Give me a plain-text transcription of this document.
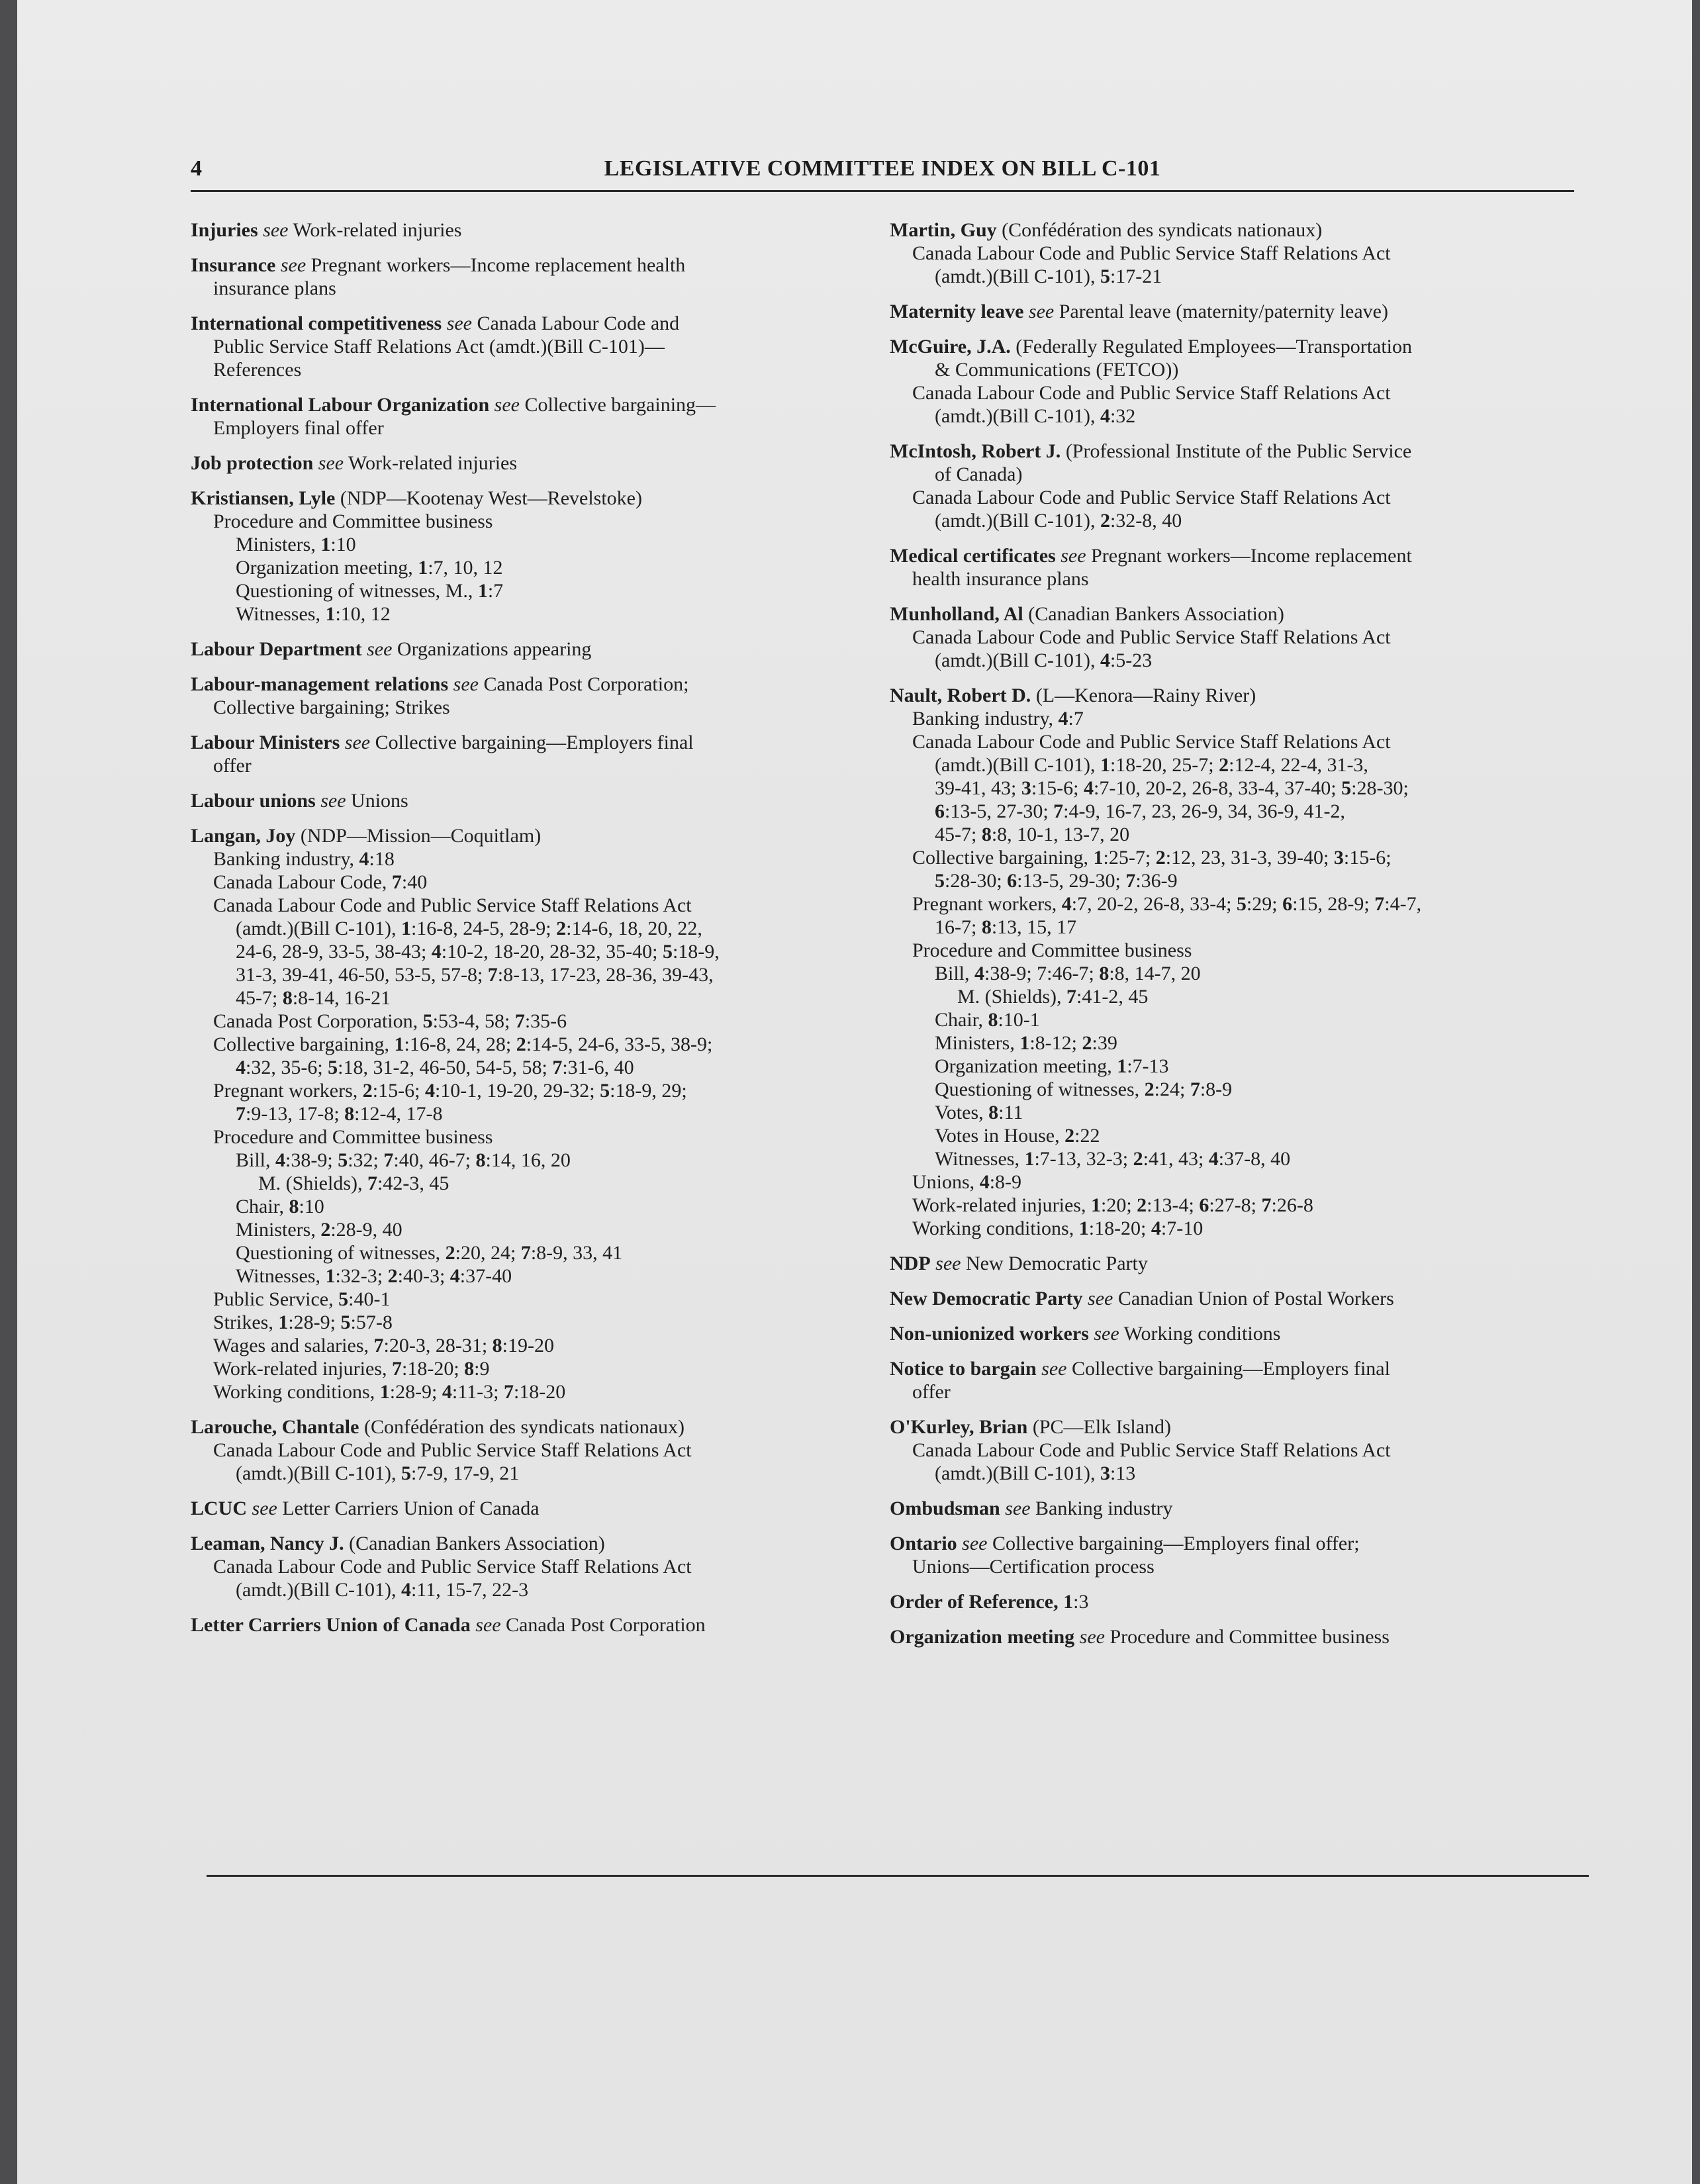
4	LEGISLATIVE COMMITTEE INDEX ON BILL C-101
Injuries see Work-related injuries
Insurance see Pregnant workers—Income replacement health
insurance plans
International competitiveness see Canada Labour Code and
Public Service Staff Relations Act (amdt.)(Bill C-101)—
References
International Labour Organization see Collective bargaining—
Employers final offer
Job protection see Work-related injuries
Kristiansen, Lyle (NDP—Kootenay West—Revelstoke)
Procedure and Committee business
Ministers, 1:10
Organization meeting, 1:7, 10, 12
Questioning of witnesses, M., 1:7
Witnesses, 1:10, 12
Labour Department see Organizations appearing
Labour-management relations see Canada Post Corporation;
Collective bargaining; Strikes
Labour Ministers see Collective bargaining—Employers final
offer
Labour unions see Unions
Langan, Joy (NDP—Mission—Coquitlam)
Banking industry, 4:18
Canada Labour Code, 7:40
Canada Labour Code and Public Service Staff Relations Act
(amdt.)(Bill C-101), 1:16-8, 24-5, 28-9; 2:14-6, 18, 20, 22,
24-6, 28-9, 33-5, 38-43; 4:10-2, 18-20, 28-32, 35-40; 5:18-9,
31-3, 39-41, 46-50, 53-5, 57-8; 7:8-13, 17-23, 28-36, 39-43,
45-7; 8:8-14, 16-21
Canada Post Corporation, 5:53-4, 58; 7:35-6
Collective bargaining, 1:16-8, 24, 28; 2:14-5, 24-6, 33-5, 38-9;
4:32, 35-6; 5:18, 31-2, 46-50, 54-5, 58; 7:31-6, 40
Pregnant workers, 2:15-6; 4:10-1, 19-20, 29-32; 5:18-9, 29;
7:9-13, 17-8; 8:12-4, 17-8
Procedure and Committee business
Bill, 4:38-9; 5:32; 7:40, 46-7; 8:14, 16, 20
M. (Shields), 7:42-3, 45
Chair, 8:10
Ministers, 2:28-9, 40
Questioning of witnesses, 2:20, 24; 7:8-9, 33, 41
Witnesses, 1:32-3; 2:40-3; 4:37-40
Public Service, 5:40-1
Strikes, 1:28-9; 5:57-8
Wages and salaries, 7:20-3, 28-31; 8:19-20
Work-related injuries, 7:18-20; 8:9
Working conditions, 1:28-9; 4:11-3; 7:18-20
Larouche, Chantale (Confédération des syndicats nationaux)
Canada Labour Code and Public Service Staff Relations Act
(amdt.)(Bill C-101), 5:7-9, 17-9, 21
LCUC see Letter Carriers Union of Canada
Leaman, Nancy J. (Canadian Bankers Association)
Canada Labour Code and Public Service Staff Relations Act
(amdt.)(Bill C-101), 4:11, 15-7, 22-3
Letter Carriers Union of Canada see Canada Post Corporation
Martin, Guy (Confédération des syndicats nationaux)
Canada Labour Code and Public Service Staff Relations Act
(amdt.)(Bill C-101), 5:17-21
Maternity leave see Parental leave (maternity/paternity leave)
McGuire, J.A. (Federally Regulated Employees—Transportation
& Communications (FETCO))
Canada Labour Code and Public Service Staff Relations Act
(amdt.)(Bill C-101), 4:32
McIntosh, Robert J. (Professional Institute of the Public Service
of Canada)
Canada Labour Code and Public Service Staff Relations Act
(amdt.)(Bill C-101), 2:32-8, 40
Medical certificates see Pregnant workers—Income replacement
health insurance plans
Munholland, Al (Canadian Bankers Association)
Canada Labour Code and Public Service Staff Relations Act
(amdt.)(Bill C-101), 4:5-23
Nault, Robert D. (L—Kenora—Rainy River)
Banking industry, 4:7
Canada Labour Code and Public Service Staff Relations Act
(amdt.)(Bill C-101), 1:18-20, 25-7; 2:12-4, 22-4, 31-3,
39-41, 43; 3:15-6; 4:7-10, 20-2, 26-8, 33-4, 37-40; 5:28-30;
6:13-5, 27-30; 7:4-9, 16-7, 23, 26-9, 34, 36-9, 41-2,
45-7; 8:8, 10-1, 13-7, 20
Collective bargaining, 1:25-7; 2:12, 23, 31-3, 39-40; 3:15-6;
5:28-30; 6:13-5, 29-30; 7:36-9
Pregnant workers, 4:7, 20-2, 26-8, 33-4; 5:29; 6:15, 28-9; 7:4-7,
16-7; 8:13, 15, 17
Procedure and Committee business
Bill, 4:38-9; 7:46-7; 8:8, 14-7, 20
M. (Shields), 7:41-2, 45
Chair, 8:10-1
Ministers, 1:8-12; 2:39
Organization meeting, 1:7-13
Questioning of witnesses, 2:24; 7:8-9
Votes, 8:11
Votes in House, 2:22
Witnesses, 1:7-13, 32-3; 2:41, 43; 4:37-8, 40
Unions, 4:8-9
Work-related injuries, 1:20; 2:13-4; 6:27-8; 7:26-8
Working conditions, 1:18-20; 4:7-10
NDP see New Democratic Party
New Democratic Party see Canadian Union of Postal Workers
Non-unionized workers see Working conditions
Notice to bargain see Collective bargaining—Employers final
offer
O'Kurley, Brian (PC—Elk Island)
Canada Labour Code and Public Service Staff Relations Act
(amdt.)(Bill C-101), 3:13
Ombudsman see Banking industry
Ontario see Collective bargaining—Employers final offer;
Unions—Certification process
Order of Reference, 1:3
Organization meeting see Procedure and Committee business
